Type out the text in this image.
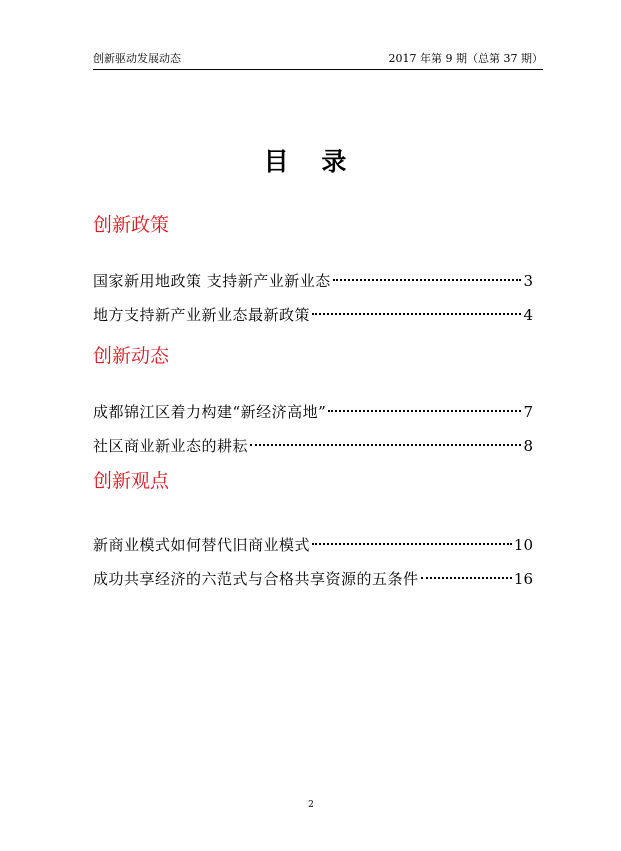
创新驱动发展动态	2017 年第 9 期（总第 37 期）
目 录
创新政策
国家新用地政策 支持新产业新业态	3
地方支持新产业新业态最新政策	4
创新动态
成都锦江区着力构建“新经济高地”	7
社区商业新业态的耕耘	8
创新观点
新商业模式如何替代旧商业模式	10
成功共享经济的六范式与合格共享资源的五条件	16
2
